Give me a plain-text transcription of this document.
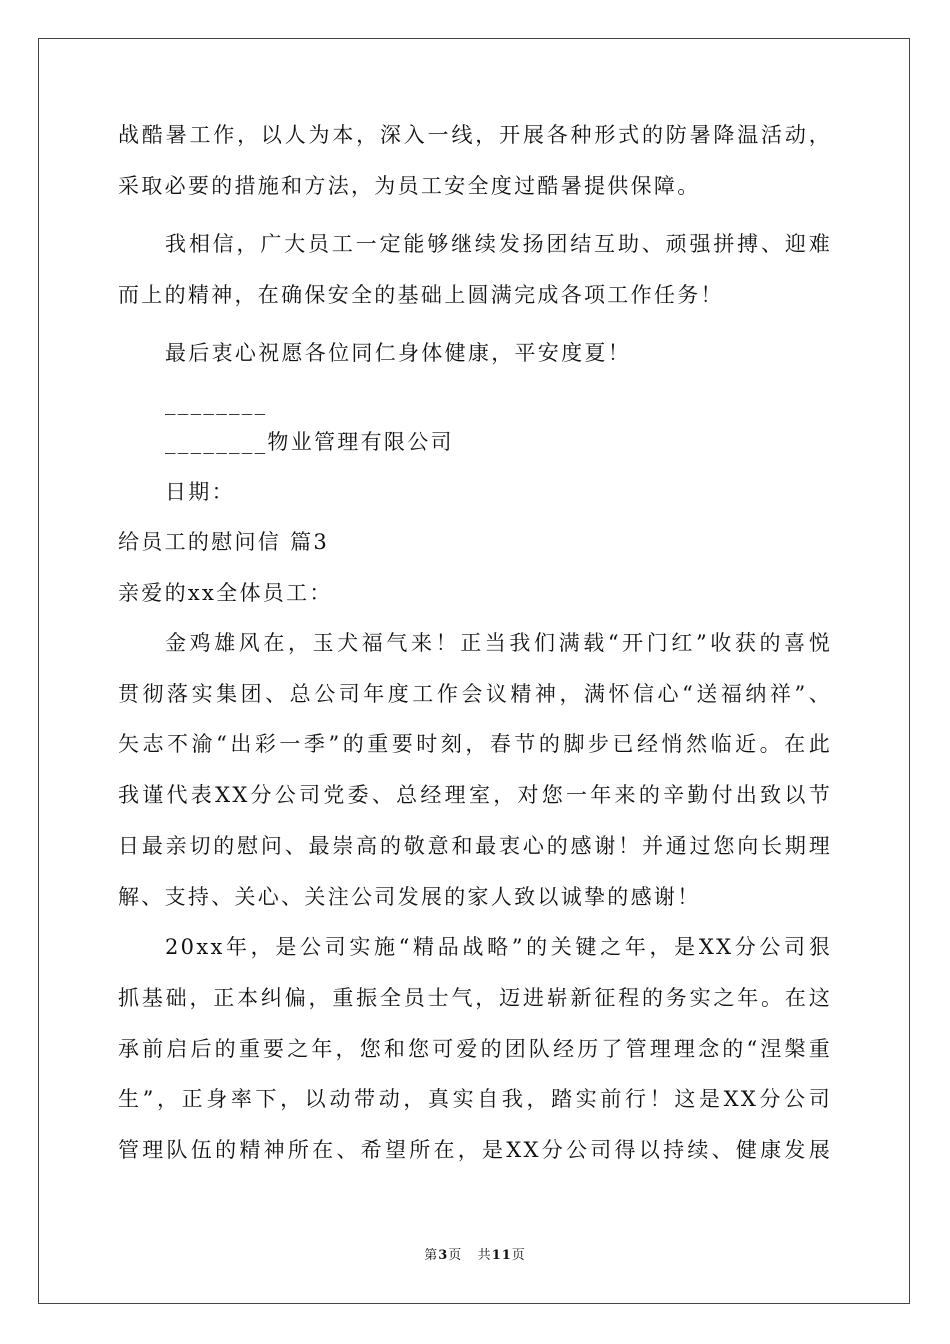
战酷暑工作，以人为本，深入一线，开展各种形式的防暑降温活动，
采取必要的措施和方法，为员工安全度过酷暑提供保障。
我相信，广大员工一定能够继续发扬团结互助、顽强拼搏、迎难
而上的精神，在确保安全的基础上圆满完成各项工作任务！
最后衷心祝愿各位同仁身体健康，平安度夏！
________
________物业管理有限公司
日期：
给员工的慰问信 篇3
亲爱的xx全体员工：
金鸡雄风在，玉犬福气来！正当我们满载“开门红”收获的喜悦
贯彻落实集团、总公司年度工作会议精神，满怀信心“送福纳祥”、
矢志不渝“出彩一季”的重要时刻，春节的脚步已经悄然临近。在此
我谨代表XX分公司党委、总经理室，对您一年来的辛勤付出致以节
日最亲切的慰问、最崇高的敬意和最衷心的感谢！并通过您向长期理
解、支持、关心、关注公司发展的家人致以诚挚的感谢！
20xx年，是公司实施“精品战略”的关键之年，是XX分公司狠
抓基础，正本纠偏，重振全员士气，迈进崭新征程的务实之年。在这
承前启后的重要之年，您和您可爱的团队经历了管理理念的“涅槃重
生”，正身率下，以动带动，真实自我，踏实前行！这是XX分公司
管理队伍的精神所在、希望所在，是XX分公司得以持续、健康发展
第3页 共11页
